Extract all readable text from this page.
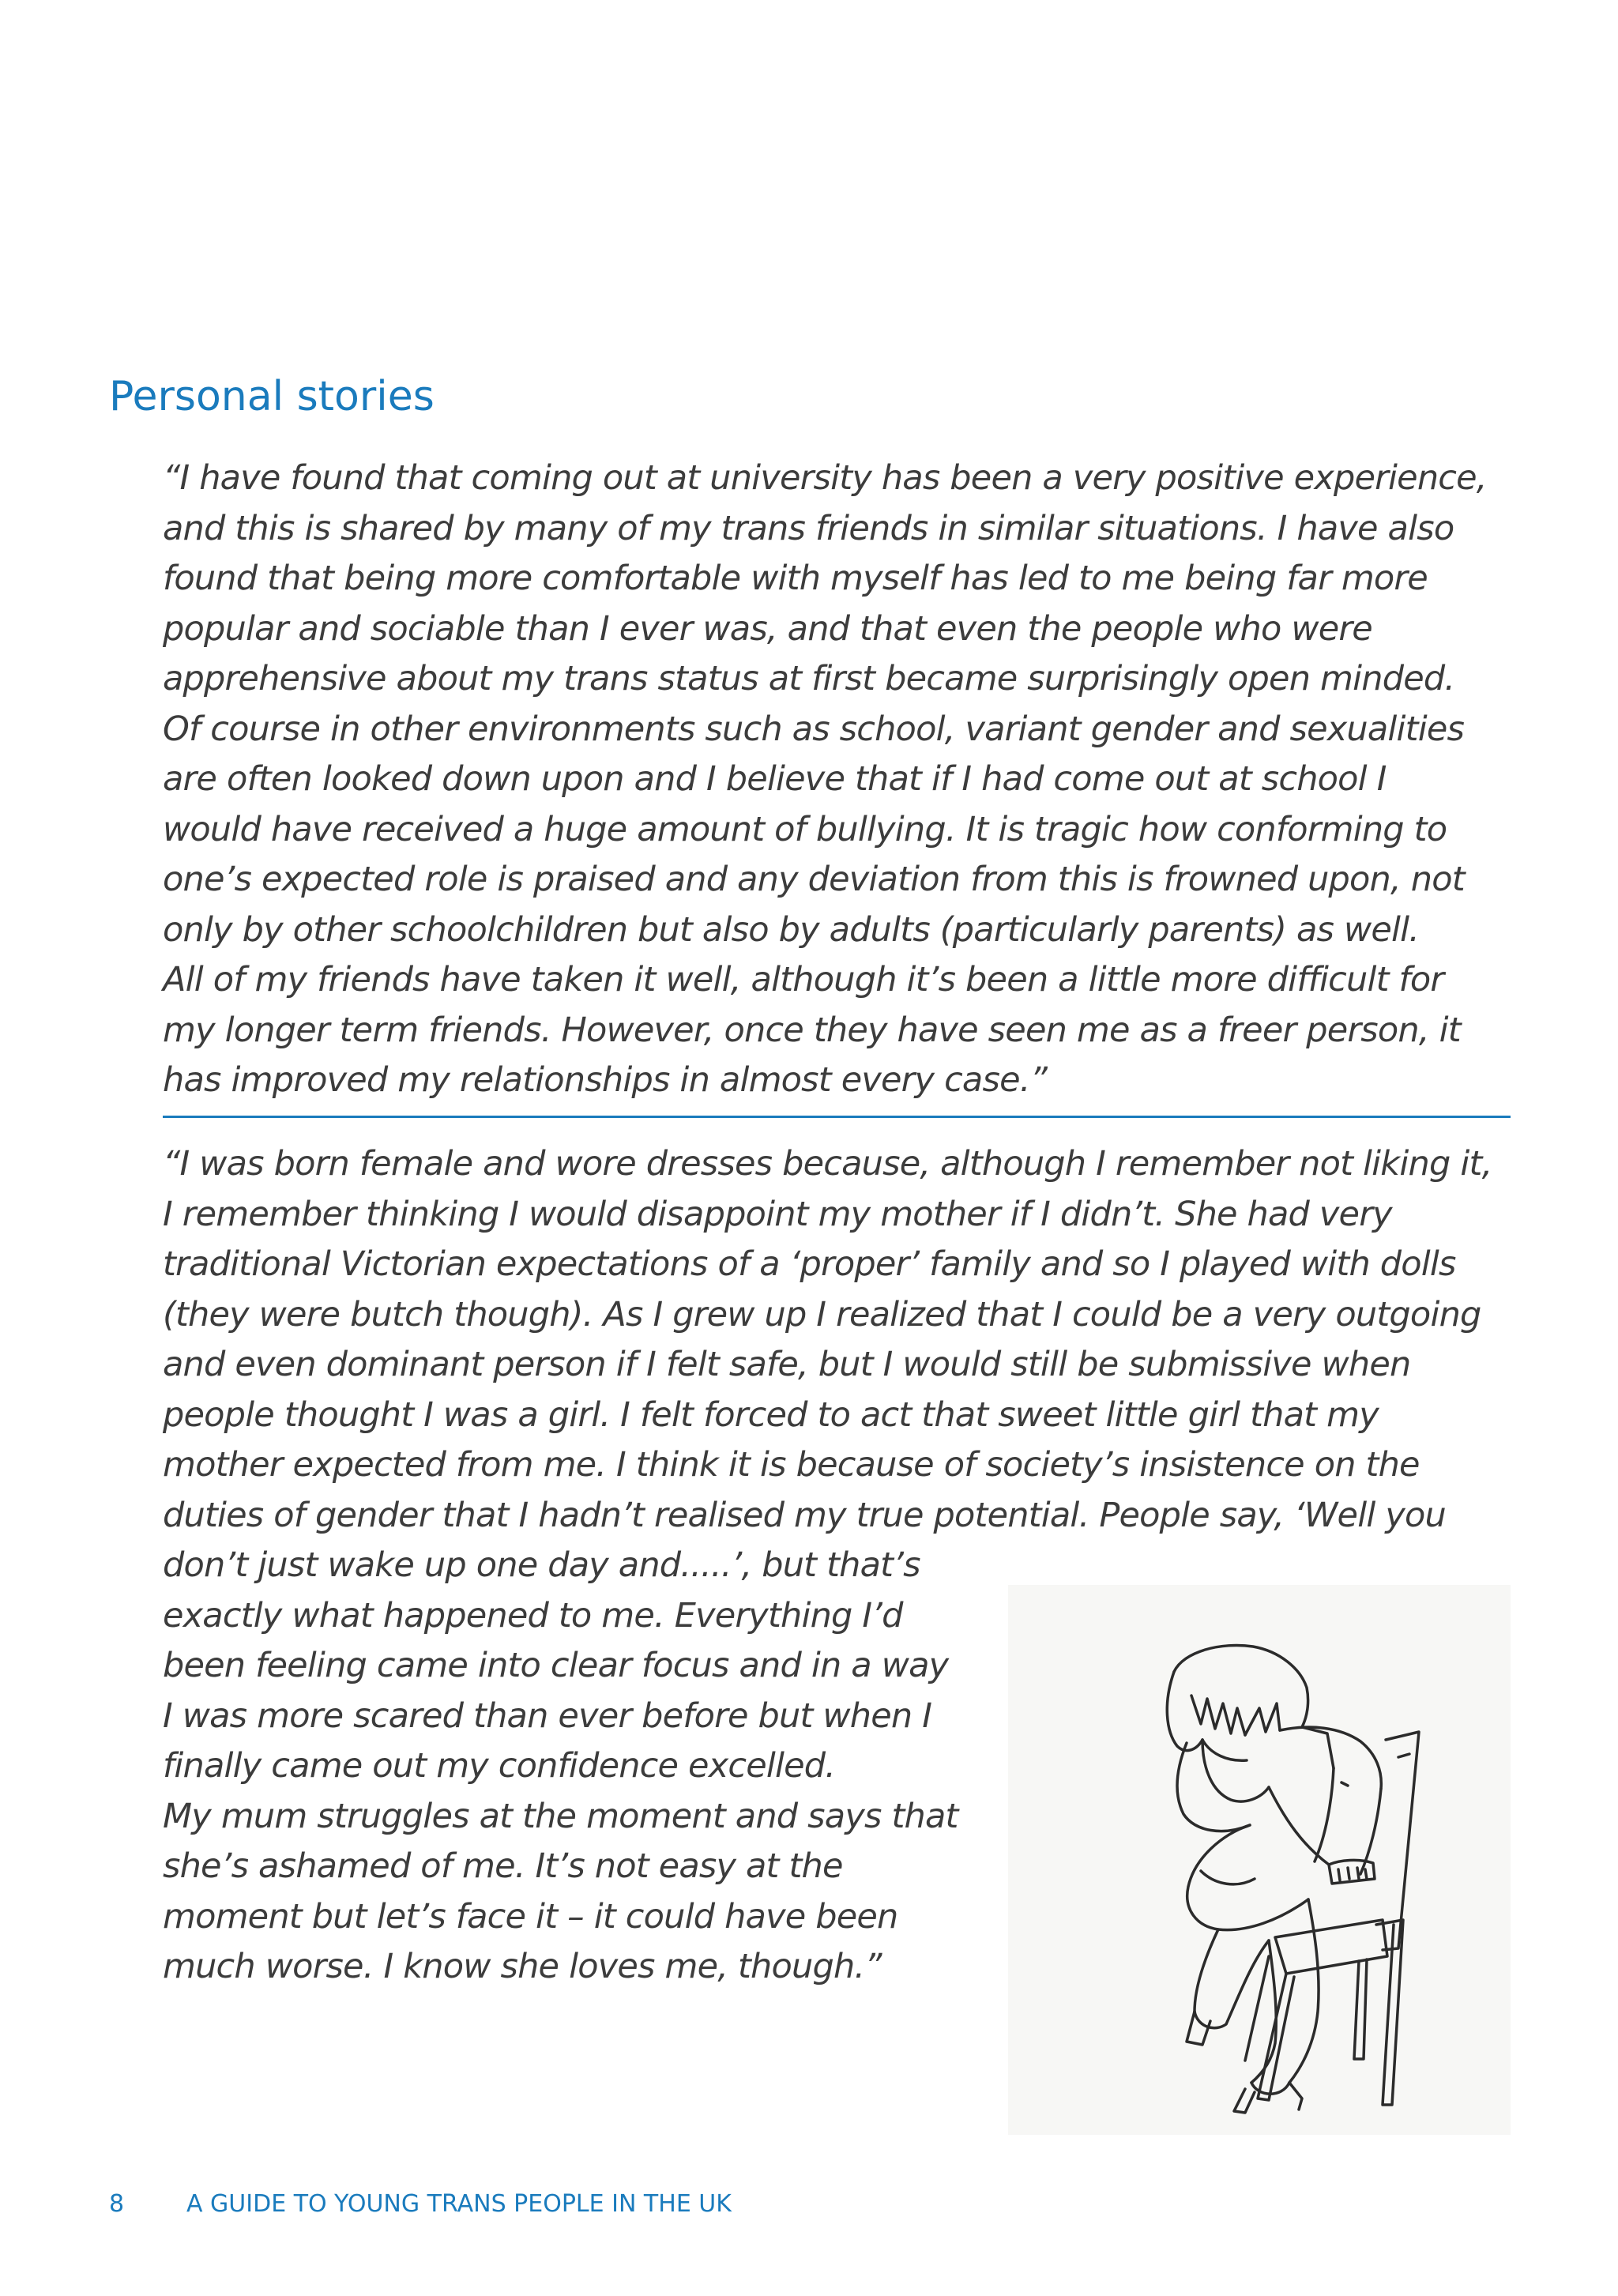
Personal stories
“I have found that coming out at university has been a very positive experience,
and this is shared by many of my trans friends in similar situations. I have also
found that being more comfortable with myself has led to me being far more
popular and sociable than I ever was, and that even the people who were
apprehensive about my trans status at first became surprisingly open minded.
Of course in other environments such as school, variant gender and sexualities
are often looked down upon and I believe that if I had come out at school I
would have received a huge amount of bullying. It is tragic how conforming to
one’s expected role is praised and any deviation from this is frowned upon, not
only by other schoolchildren but also by adults (particularly parents) as well.
All of my friends have taken it well, although it’s been a little more difficult for
my longer term friends. However, once they have seen me as a freer person, it
has improved my relationships in almost every case.”
“I was born female and wore dresses because, although I remember not liking it,
I remember thinking I would disappoint my mother if I didn’t. She had very
traditional Victorian expectations of a ‘proper’ family and so I played with dolls
(they were butch though). As I grew up I realized that I could be a very outgoing
and even dominant person if I felt safe, but I would still be submissive when
people thought I was a girl. I felt forced to act that sweet little girl that my
mother expected from me. I think it is because of society’s insistence on the
duties of gender that I hadn’t realised my true potential. People say, ‘Well you
don’t just wake up one day and.....’, but that’s
exactly what happened to me. Everything I’d
been feeling came into clear focus and in a way
I was more scared than ever before but when I
finally came out my confidence excelled.
My mum struggles at the moment and says that
she’s ashamed of me. It’s not easy at the
moment but let’s face it – it could have been
much worse. I know she loves me, though.”
8	A GUIDE TO YOUNG TRANS PEOPLE IN THE UK
